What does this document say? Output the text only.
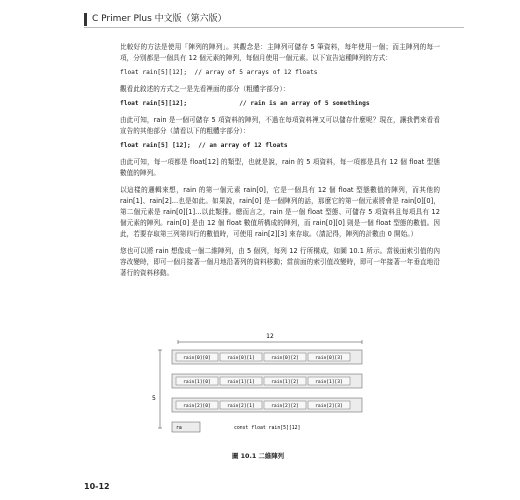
C Primer Plus 中文版（第六版）

比較好的方法是使用「陣列的陣列」。其觀念是：主陣列可儲存 5 筆資料，每年使用一個；而主陣列的每一項，分別都是一個具有 12 個元素的陣列，每個月使用一個元素。以下宣告這種陣列的方式：

float rain[5][12];  // array of 5 arrays of 12 floats

觀看此敘述的方式之一是先看裡面的部分（粗體字部分）：

float rain[5][12];              // rain is an array of 5 somethings

由此可知，rain 是一個可儲存 5 項資料的陣列，不過在每項資料裡又可以儲存什麼呢？現在，讓我們來看看宣告的其他部分（請看以下的粗體字部分）：

float rain[5] [12];  // an array of 12 floats

由此可知，每一項都是 float[12] 的類型，也就是說，rain 的 5 項資料，每一項都是具有 12 個 float 型態數值的陣列。

以這樣的邏輯來想，rain 的第一個元素 rain[0]，它是一個具有 12 個 float 型態數值的陣列，而其他的 rain[1]、rain[2]...也是如此。如果說，rain[0] 是一個陣列的話，那麼它的第一個元素將會是 rain[0][0]，第二個元素是 rain[0][1]...以此類推。總而言之，rain 是一個 float 型態、可儲存 5 項資料且每項具有 12 個元素的陣列。rain[0] 是由 12 個 float 數值所構成的陣列，而 rain[0][0] 則是一個 float 型態的數值。因此，若要存取第三列第四行的數值時，可使用 rain[2][3] 來存取。（請記得，陣列的計數由 0 開始。）

您也可以將 rain 想像成一個二維陣列，由 5 個列，每列 12 行所構成，如圖 10.1 所示。當後面索引值的內容改變時，即可一個月接著一個月地沿著列的資料移動；當前面的索引值改變時，即可一年接著一年垂直地沿著行的資料移動。

12
5
rain[0][0]	rain[0][1]	rain[0][2]	rain[0][3]
rain[1][0]	rain[1][1]	rain[1][2]	rain[1][3]
rain[2][0]	rain[2][1]	rain[2][2]	rain[2][3]
ra	const float rain[5][12]
圖 10.1 二維陣列
10-12
